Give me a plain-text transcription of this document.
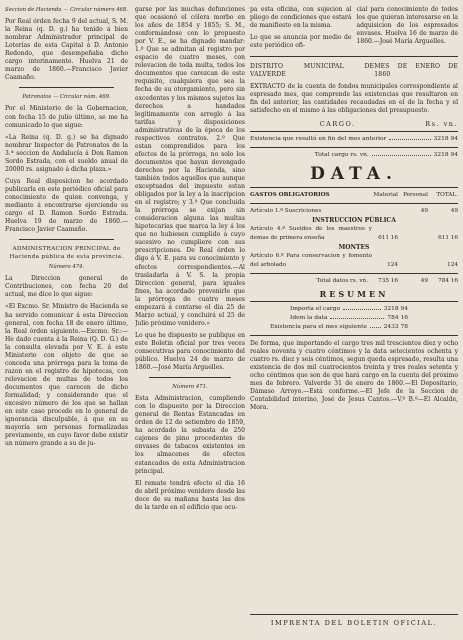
Seccion de Hacienda — Circular número 468.
Por Real órden fecha 9 del actual, S. M. la Reina (q. D. g.) ha tenido á bien nombrar Administrador principal de Loterías de esta Capital á D. Antonio Redondo, que desempeñaba dicho cargo interinamente. Huelva 21 de marzo de 1860.—Francisco Javier Caamaño.
Patronatos — Circular núm. 469.
Por el Ministerio de la Gobernacion, con fecha 15 de julio último, se me ha comunicado lo que sigue:
«La Reina (q. D. g.) se ha dignado nombrar Inspector de Patronatos de la 3.ª seccion de Andalucía á Don Ramon Sordo Estrada, con el sueldo anual de 20000 rs. asignado á dicha plaza.»
Cuya Real disposicion he acordado publicarla en este periódico oficial para conocimiento de quien convenga, y mediante á encontrarse ejerciendo su cargo el D. Ramon Sordo Estrada. Huelva 19 de marzo de 1860.—Francisco Javier Caamaño.
ADMINISTRACION PRINCIPAL de Hacienda pública de esta provincia.
Número 474.
La Direccion general de Contribuciones, con fecha 20 del actual, me dice lo que sigue:
«El Excmo. Sr. Ministro de Hacienda se ha servido comunicar á esta Direccion general, con fecha 18 de enero último, la Real órden siguiente.—Excmo. Sr.:—He dado cuenta á la Reina (Q. D. G.) de la consulta elevada por V. E. á este Ministerio con objeto de que se conceda una prórroga para la toma de razon en el registro de hipotecas, con relevacion de multas de todos los documentos que carecen de dicho formalidad; y considerando que el excesivo número de los que se hallan en este caso procede en lo general de ignorancia disculpable, á que en su mayoría son personas formalizadas previamente, en cuyo favor debe existir un número grande a su de ju-
garse por las muchas defunciones que ocasionó el cólera morbo en los años de 1854 y 1855; S. M., conformándose con lo propuesto por V. E., se ha dignado mandar: 1.º Que se admitan al registro por espacio de cuatro meses, con relevacion de toda multa, todos los documentos que carezcan de este requisito, cualquiera que sea la fecha de su otorgamiento, pero sin excedentes y los mismos sujetos las derechos a handados legítimamente con arreglo á las tarifas y disposiciones administrativas de la época de los respectivos contratos. 2.º Que estan comprendidos para los efectos de la prórroga, no solo los documentos que hayan devengado derechos por la Hacienda, sino también todos aquellos que aunque exceptuados del impuesto estan obligados por la ley a la inscripcion en el registro; y 3.º Que concluida la prórroga se exijan sin consideracion alguna las multas hipotecarias que marca la ley á los que no hubiesen cumplido á cuyo sucesivo no cumpliere con sus prescripciones. De Real órden lo digo á V. E. para su conocimiento y efectos correspondientes.—Al trasladarla á V. S. la propia Direccion general, para iguales fines, ha acordado prevenirle que la prórroga de cuatro meses empezará á contarse el dia 25 de Marzo actual, y concluirá el 25 de Julio próximo venidero.»
Lo que he dispuesto se publique en este Boletin oficial por tres veces consecutivas para conocimiento del público. Huelva 24 de marzo de 1860.—José María Arguelles.
Número 471.
Esta Administracion, cumpliendo con lo dispuesto por la Direccion general de Rentas Estancadas en órden de 12 de setiembre de 1859, ha acordado la subasta de 250 cajones de pino procedentes de envases de tabacos existentes en los almacenes de efectos estancados de esta Administracion principal.
El remate tendrá efecto el dia 16 de abril próximo venidero desde las doce de su mañana hasta las dos de la tarde en el edificio que ocu-
pa esta oficina, con sujecion al pliego de condiciones que estará de manifiesto en la misma.
Lo que se anuncia por medio de este periódico ofi-
cial para conocimiento de todos los que quieran interesarse en la adquisicion de los espresados envases. Huelva 16 de marzo de 1860.—José María Arguelles.
DISTRITO MUNICIPAL DE VALVERDE
MES DE ENERO DE 1860
EXTRACTO de la cuenta de fondos municipales correspondiente al espresado mes, que comprende las existencias que resultaron en fin del anterior, las cantidades recaudadas en el de la fecha y el satisfecho en el mismo á las obligaciones del presupuesto.
CARGO.	Rs. vn.
Existencia que resultó en fin del mes anterior	3218 94
Total cargo rs. vn.	3218 94
DATA.
GASTOS OBLIGATORIOS	Material Personal	TOTAL.
Artículo 1.º Suscriciones	49	49
INSTRUCCION PÚBLICA
Artículo 4.º Sueldos de los maestros y demas de primera enseña	611 16	611 16
MONTES
Artículo 6.º Para conservacion y fomento del arbolado	124	124
Total datos rs. vn.	735 16	49	784 16
RESUMEN
Importa el cargo	3218 94
Idem la data	784 16
Existencia para el mes siguiente	2433 78
De forma, que importando el cargo tres mil trescientos diez y ocho reales noventa y cuatro céntimos y la data setecientos ochenta y cuatro rs. diez y seis céntimos, segun queda espresado, resulta una existencia de dos mil cuatrocientos treinta y tres reales setenta y ocho céntimos que son de que hará cargo en la cuenta del próximo mes de febrero. Valverde 31 de enero de 1860.—El Depositario, Dámaso Arroyo.—Está conforme.—El Jefe de la Seccion de Contabilidad interino, José de Jesus Cantos.—V.º B.º—El Alcalde, Mora.
IMPRENTA DEL BOLETIN OFICIAL.
